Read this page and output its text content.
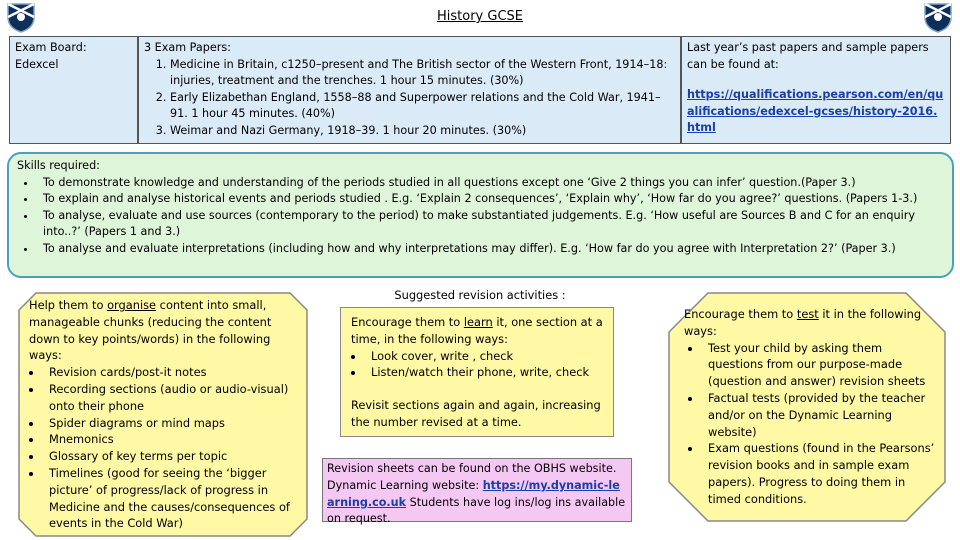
History GCSE
Exam Board:
Edexcel
3 Exam Papers:
1. Medicine in Britain, c1250–present and The British sector of the Western Front, 1914–18: injuries, treatment and the trenches. 1 hour 15 minutes. (30%)
2. Early Elizabethan England, 1558–88 and Superpower relations and the Cold War, 1941–91. 1 hour 45 minutes. (40%)
3. Weimar and Nazi Germany, 1918–39. 1 hour 20 minutes. (30%)
Last year’s past papers and sample papers can be found at:
https://qualifications.pearson.com/en/qualifications/edexcel-gcses/history-2016.html
Skills required:
• To demonstrate knowledge and understanding of the periods studied in all questions except one ‘Give 2 things you can infer’ question.(Paper 3.)
• To explain and analyse historical events and periods studied . E.g. ‘Explain 2 consequences’, ‘Explain why’, ‘How far do you agree?’ questions. (Papers 1-3.)
• To analyse, evaluate and use sources (contemporary to the period) to make substantiated judgements. E.g. ‘How useful are Sources B and C for an enquiry into..?’ (Papers 1 and 3.)
• To analyse and evaluate interpretations (including how and why interpretations may differ). E.g. ‘How far do you agree with Interpretation 2?’ (Paper 3.)
Help them to organise content into small, manageable chunks (reducing the content down to key points/words) in the following ways:
• Revision cards/post-it notes
• Recording sections (audio or audio-visual) onto their phone
• Spider diagrams or mind maps
• Mnemonics
• Glossary of key terms per topic
• Timelines (good for seeing the ‘bigger picture’ of progress/lack of progress in Medicine and the causes/consequences of events in the Cold War)
Suggested revision activities :
Encourage them to learn it, one section at a time, in the following ways:
• Look cover, write , check
• Listen/watch their phone, write, check
Revisit sections again and again, increasing the number revised at a time.
Revision sheets can be found on the OBHS website. Dynamic Learning website: https://my.dynamic-learning.co.uk Students have log ins/log ins available on request.
Encourage them to test it in the following ways:
• Test your child by asking them questions from our purpose-made (question and answer) revision sheets
• Factual tests (provided by the teacher and/or on the Dynamic Learning website)
• Exam questions (found in the Pearsons’ revision books and in sample exam papers). Progress to doing them in timed conditions.
